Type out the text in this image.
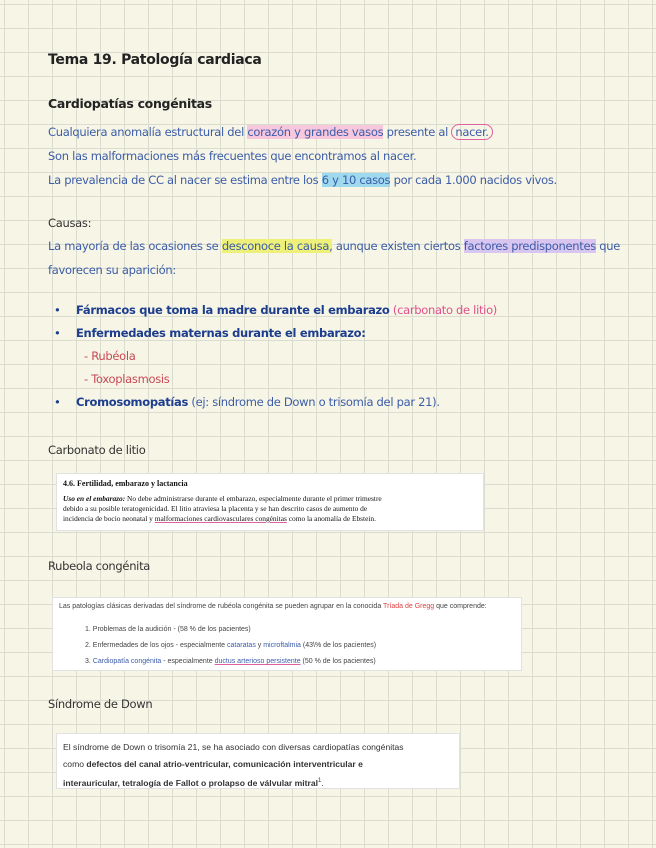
Tema 19. Patología cardiaca
Cardiopatías congénitas
Cualquiera anomalía estructural del corazón y grandes vasos presente al nacer.
Son las malformaciones más frecuentes que encontramos al nacer.
La prevalencia de CC al nacer se estima entre los 6 y 10 casos por cada 1.000 nacidos vivos.
Causas:
La mayoría de las ocasiones se desconoce la causa, aunque existen ciertos factores predisponentes que
favorecen su aparición:
• Fármacos que toma la madre durante el embarazo (carbonato de litio)
• Enfermedades maternas durante el embarazo:
- Rubéola
- Toxoplasmosis
• Cromosomopatías (ej: síndrome de Down o trisomía del par 21).
Carbonato de litio
4.6. Fertilidad, embarazo y lactancia
Uso en el embarazo: No debe administrarse durante el embarazo, especialmente durante el primer trimestre
debido a su posible teratogenicidad. El litio atraviesa la placenta y se han descrito casos de aumento de
incidencia de bocio neonatal y malformaciones cardiovasculares congénitas como la anomalía de Ebstein.
Rubeola congénita
Las patologías clásicas derivadas del síndrome de rubéola congénita se pueden agrupar en la conocida Tríada de Gregg que comprende:
1. Problemas de la audición - (58 % de los pacientes)
2. Enfermedades de los ojos - especialmente cataratas y microftalmia (43\% de los pacientes)
3. Cardiopatía congénita - especialmente ductus arterioso persistente (50 % de los pacientes)
Síndrome de Down
El síndrome de Down o trisomía 21, se ha asociado con diversas cardiopatías congénitas
como defectos del canal atrio-ventricular, comunicación interventricular e
interauricular, tetralogía de Fallot o prolapso de válvular mitral$^1$.
